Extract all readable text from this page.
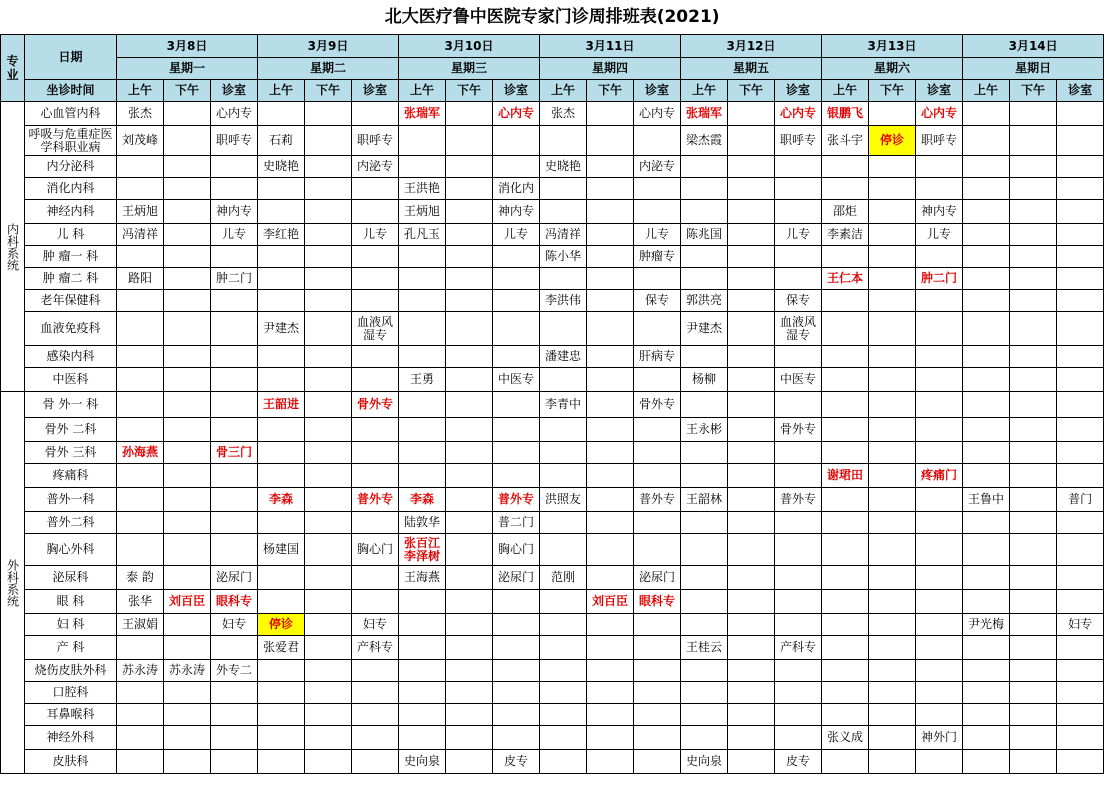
北大医疗鲁中医院专家门诊周排班表(2021)																						
专业	日期	3月8日			3月9日			3月10日			3月11日			3月12日			3月13日			3月14日		
		星期一			星期二			星期三			星期四			星期五			星期六			星期日		
	坐诊时间	上午	下午	诊室	上午	下午	诊室	上午	下午	诊室	上午	下午	诊室	上午	下午	诊室	上午	下午	诊室	上午	下午	诊室
内科系统	心血管内科	张杰		心内专				张瑞军		心内专	张杰		心内专	张瑞军		心内专	银鹏飞		心内专			
	呼吸与危重症医学科职业病	刘茂峰		职呼专	石莉		职呼专							梁杰霞		职呼专	张斗宇	停诊	职呼专			
	内分泌科				史晓艳		内泌专				史晓艳		内泌专									
	消化内科							王洪艳		消化内												
	神经内科	王炳旭		神内专				王炳旭		神内专							邵炬		神内专			
	儿 科	冯清祥		儿专	李红艳		儿专	孔凡玉		儿专	冯清祥		儿专	陈兆国		儿专	李素洁		儿专			
	肿 瘤一 科										陈小华		肿瘤专									
	肿 瘤二 科	路阳		肿二门													王仁本		肿二门			
	老年保健科										李洪伟		保专	郭洪亮		保专						
	血液免疫科				尹建杰		血液风湿专							尹建杰		血液风湿专						
	感染内科										潘建忠		肝病专									
	中医科							王勇		中医专				杨柳		中医专						
外科系统	骨 外一 科				王韶进		骨外专				李青中		骨外专									
	骨外 二科													王永彬		骨外专						
	骨外 三科	孙海燕		骨三门																		
	疼痛科																谢珺田		疼痛门			
	普外一科				李森		普外专	李森		普外专	洪照友		普外专	王韶林		普外专				王鲁中		普门
	普外二科							陆敦华		普二门												
	胸心外科				杨建国		胸心门	张百江李泽树		胸心门												
	泌尿科	泰 韵		泌尿门				王海燕		泌尿门	范刚		泌尿门									
	眼 科	张华	刘百臣	眼科专								刘百臣	眼科专									
	妇 科	王淑娟		妇专	停诊		妇专													尹光梅		妇专
	产 科				张爱君		产科专							王桂云		产科专						
	烧伤皮肤外科	苏永涛	苏永涛	外专二																		
	口腔科																					
	耳鼻喉科																					
	神经外科																张义成		神外门			
	皮肤科							史向泉		皮专				史向泉		皮专						
